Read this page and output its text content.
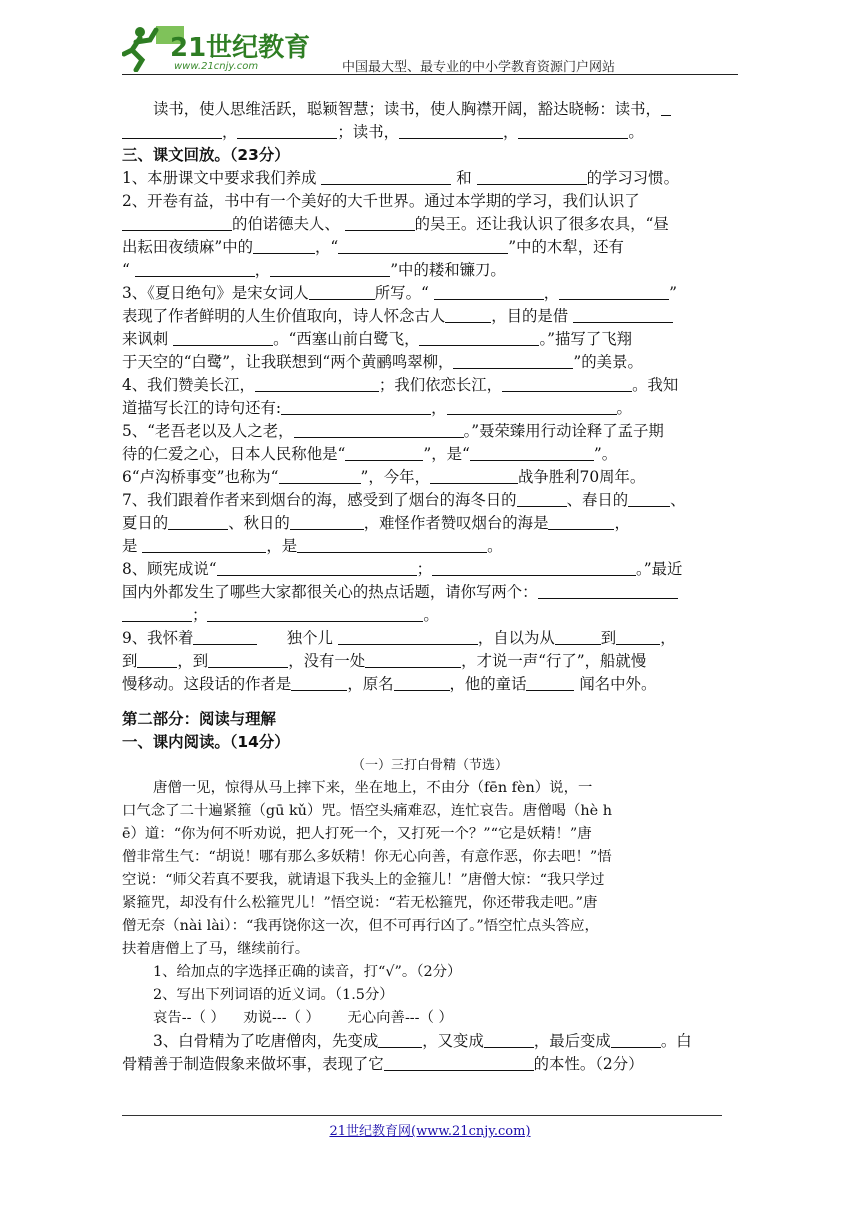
21世纪教育
www.21cnjy.com	中国最大型、最专业的中小学教育资源门户网站
读书，使人思维活跃，聪颖智慧；读书，使人胸襟开阔，豁达晓畅：读书，
，	；读书，	，	。
三、课文回放。（23分）
1、本册课文中要求我们养成	和	的学习习惯。
2、开卷有益，书中有一个美好的大千世界。通过本学期的学习，我们认识了
的伯诺德夫人、	的吴王。还让我认识了很多农具，“昼
出耘田夜绩麻”中的	，“	”中的木犁，还有
“	，	”中的耧和镰刀。
3、《夏日绝句》是宋女词人	所写。“	，	”
表现了作者鲜明的人生价值取向，诗人怀念古人	，目的是借
来讽刺	。“西塞山前白鹭飞，	。”描写了飞翔
于天空的“白鹭”，让我联想到“两个黄鹂鸣翠柳，	”的美景。
4、我们赞美长江，	；我们依恋长江，	。我知
道描写长江的诗句还有:	，	。
5、“老吾老以及人之老，	。”聂荣臻用行动诠释了孟子期
待的仁爱之心，日本人民称他是“	”，是“	”。
6“卢沟桥事变”也称为“	”，今年，	战争胜利70周年。
7、我们跟着作者来到烟台的海，感受到了烟台的海冬日的	、春日的	、
夏日的	、秋日的	，难怪作者赞叹烟台的海是	，
是	，是	。
8、顾宪成说“	；	。”最近
国内外都发生了哪些大家都很关心的热点话题，请你写两个：
；	。
9、我怀着	独个儿	，自以为从	到	，
到	，到	，没有一处	，才说一声“行了”，船就慢
慢移动。这段话的作者是	，原名	，他的童话	闻名中外。
第二部分：阅读与理解
一、课内阅读。（14分）
（一）三打白骨精（节选）
唐僧一见，惊得从马上摔下来，坐在地上，不由分（fēn fèn）说，一
口气念了二十遍紧箍（gū kǔ）咒。悟空头痛难忍，连忙哀告。唐僧喝（hè h
ē）道：“你为何不听劝说，把人打死一个，又打死一个？”“它是妖精！”唐
僧非常生气：“胡说！哪有那么多妖精！你无心向善，有意作恶，你去吧！”悟
空说：“师父若真不要我，就请退下我头上的金箍儿！”唐僧大惊：“我只学过
紧箍咒，却没有什么松箍咒儿！”悟空说：“若无松箍咒，你还带我走吧。”唐
僧无奈（nài lài）：“我再饶你这一次，但不可再行凶了。”悟空忙点头答应，
扶着唐僧上了马，继续前行。
1、给加点的字选择正确的读音，打“√”。（2分）
2、写出下列词语的近义词。（1.5分）
哀告--（ ） 劝说---（ ） 无心向善---（ ）
3、白骨精为了吃唐僧肉，先变成	，又变成	，最后变成	。白
骨精善于制造假象来做坏事，表现了它	的本性。（2分）
21世纪教育网(www.21cnjy.com)
